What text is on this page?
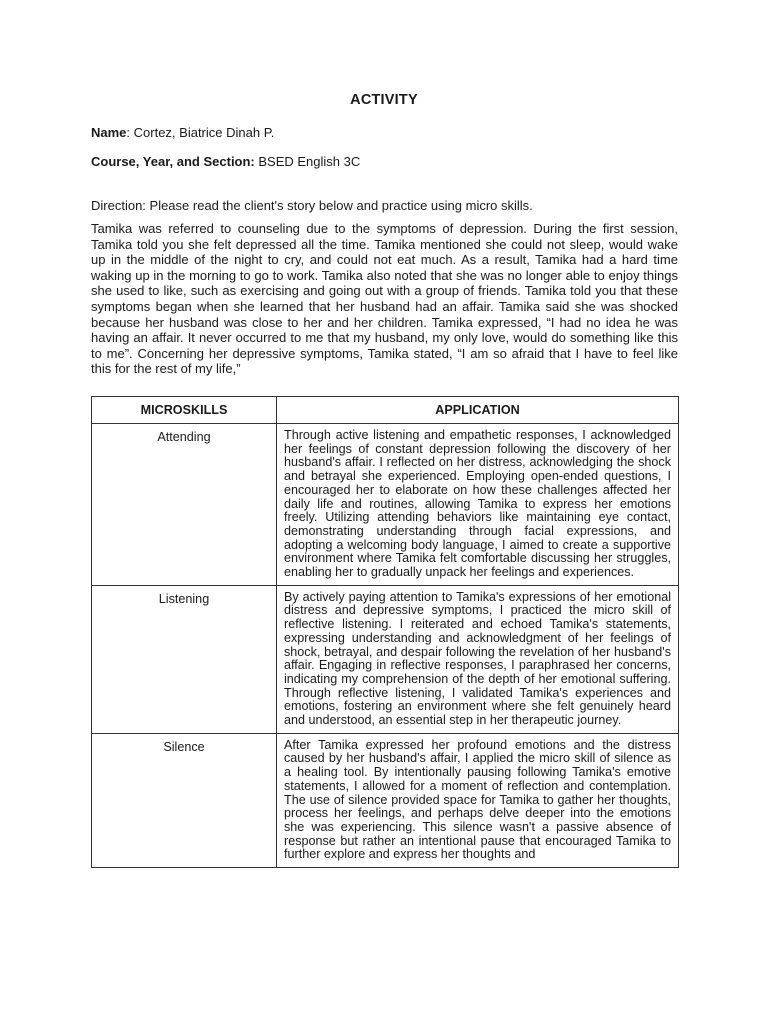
ACTIVITY
Name: Cortez, Biatrice Dinah P.
Course, Year, and Section: BSED English 3C
Direction: Please read the client's story below and practice using micro skills.

Tamika was referred to counseling due to the symptoms of depression. During the first session, Tamika told you she felt depressed all the time. Tamika mentioned she could not sleep, would wake up in the middle of the night to cry, and could not eat much. As a result, Tamika had a hard time waking up in the morning to go to work. Tamika also noted that she was no longer able to enjoy things she used to like, such as exercising and going out with a group of friends. Tamika told you that these symptoms began when she learned that her husband had an affair. Tamika said she was shocked because her husband was close to her and her children. Tamika expressed, “I had no idea he was having an affair. It never occurred to me that my husband, my only love, would do something like this to me”. Concerning her depressive symptoms, Tamika stated, “I am so afraid that I have to feel like this for the rest of my life,”

MICROSKILLS	APPLICATION
Attending	Through active listening and empathetic responses, I acknowledged her feelings of constant depression following the discovery of her husband's affair. I reflected on her distress, acknowledging the shock and betrayal she experienced. Employing open-ended questions, I encouraged her to elaborate on how these challenges affected her daily life and routines, allowing Tamika to express her emotions freely. Utilizing attending behaviors like maintaining eye contact, demonstrating understanding through facial expressions, and adopting a welcoming body language, I aimed to create a supportive environment where Tamika felt comfortable discussing her struggles, enabling her to gradually unpack her feelings and experiences.
Listening	By actively paying attention to Tamika's expressions of her emotional distress and depressive symptoms, I practiced the micro skill of reflective listening. I reiterated and echoed Tamika's statements, expressing understanding and acknowledgment of her feelings of shock, betrayal, and despair following the revelation of her husband's affair. Engaging in reflective responses, I paraphrased her concerns, indicating my comprehension of the depth of her emotional suffering. Through reflective listening, I validated Tamika's experiences and emotions, fostering an environment where she felt genuinely heard and understood, an essential step in her therapeutic journey.
Silence	After Tamika expressed her profound emotions and the distress caused by her husband's affair, I applied the micro skill of silence as a healing tool. By intentionally pausing following Tamika's emotive statements, I allowed for a moment of reflection and contemplation. The use of silence provided space for Tamika to gather her thoughts, process her feelings, and perhaps delve deeper into the emotions she was experiencing. This silence wasn't a passive absence of response but rather an intentional pause that encouraged Tamika to further explore and express her thoughts and
